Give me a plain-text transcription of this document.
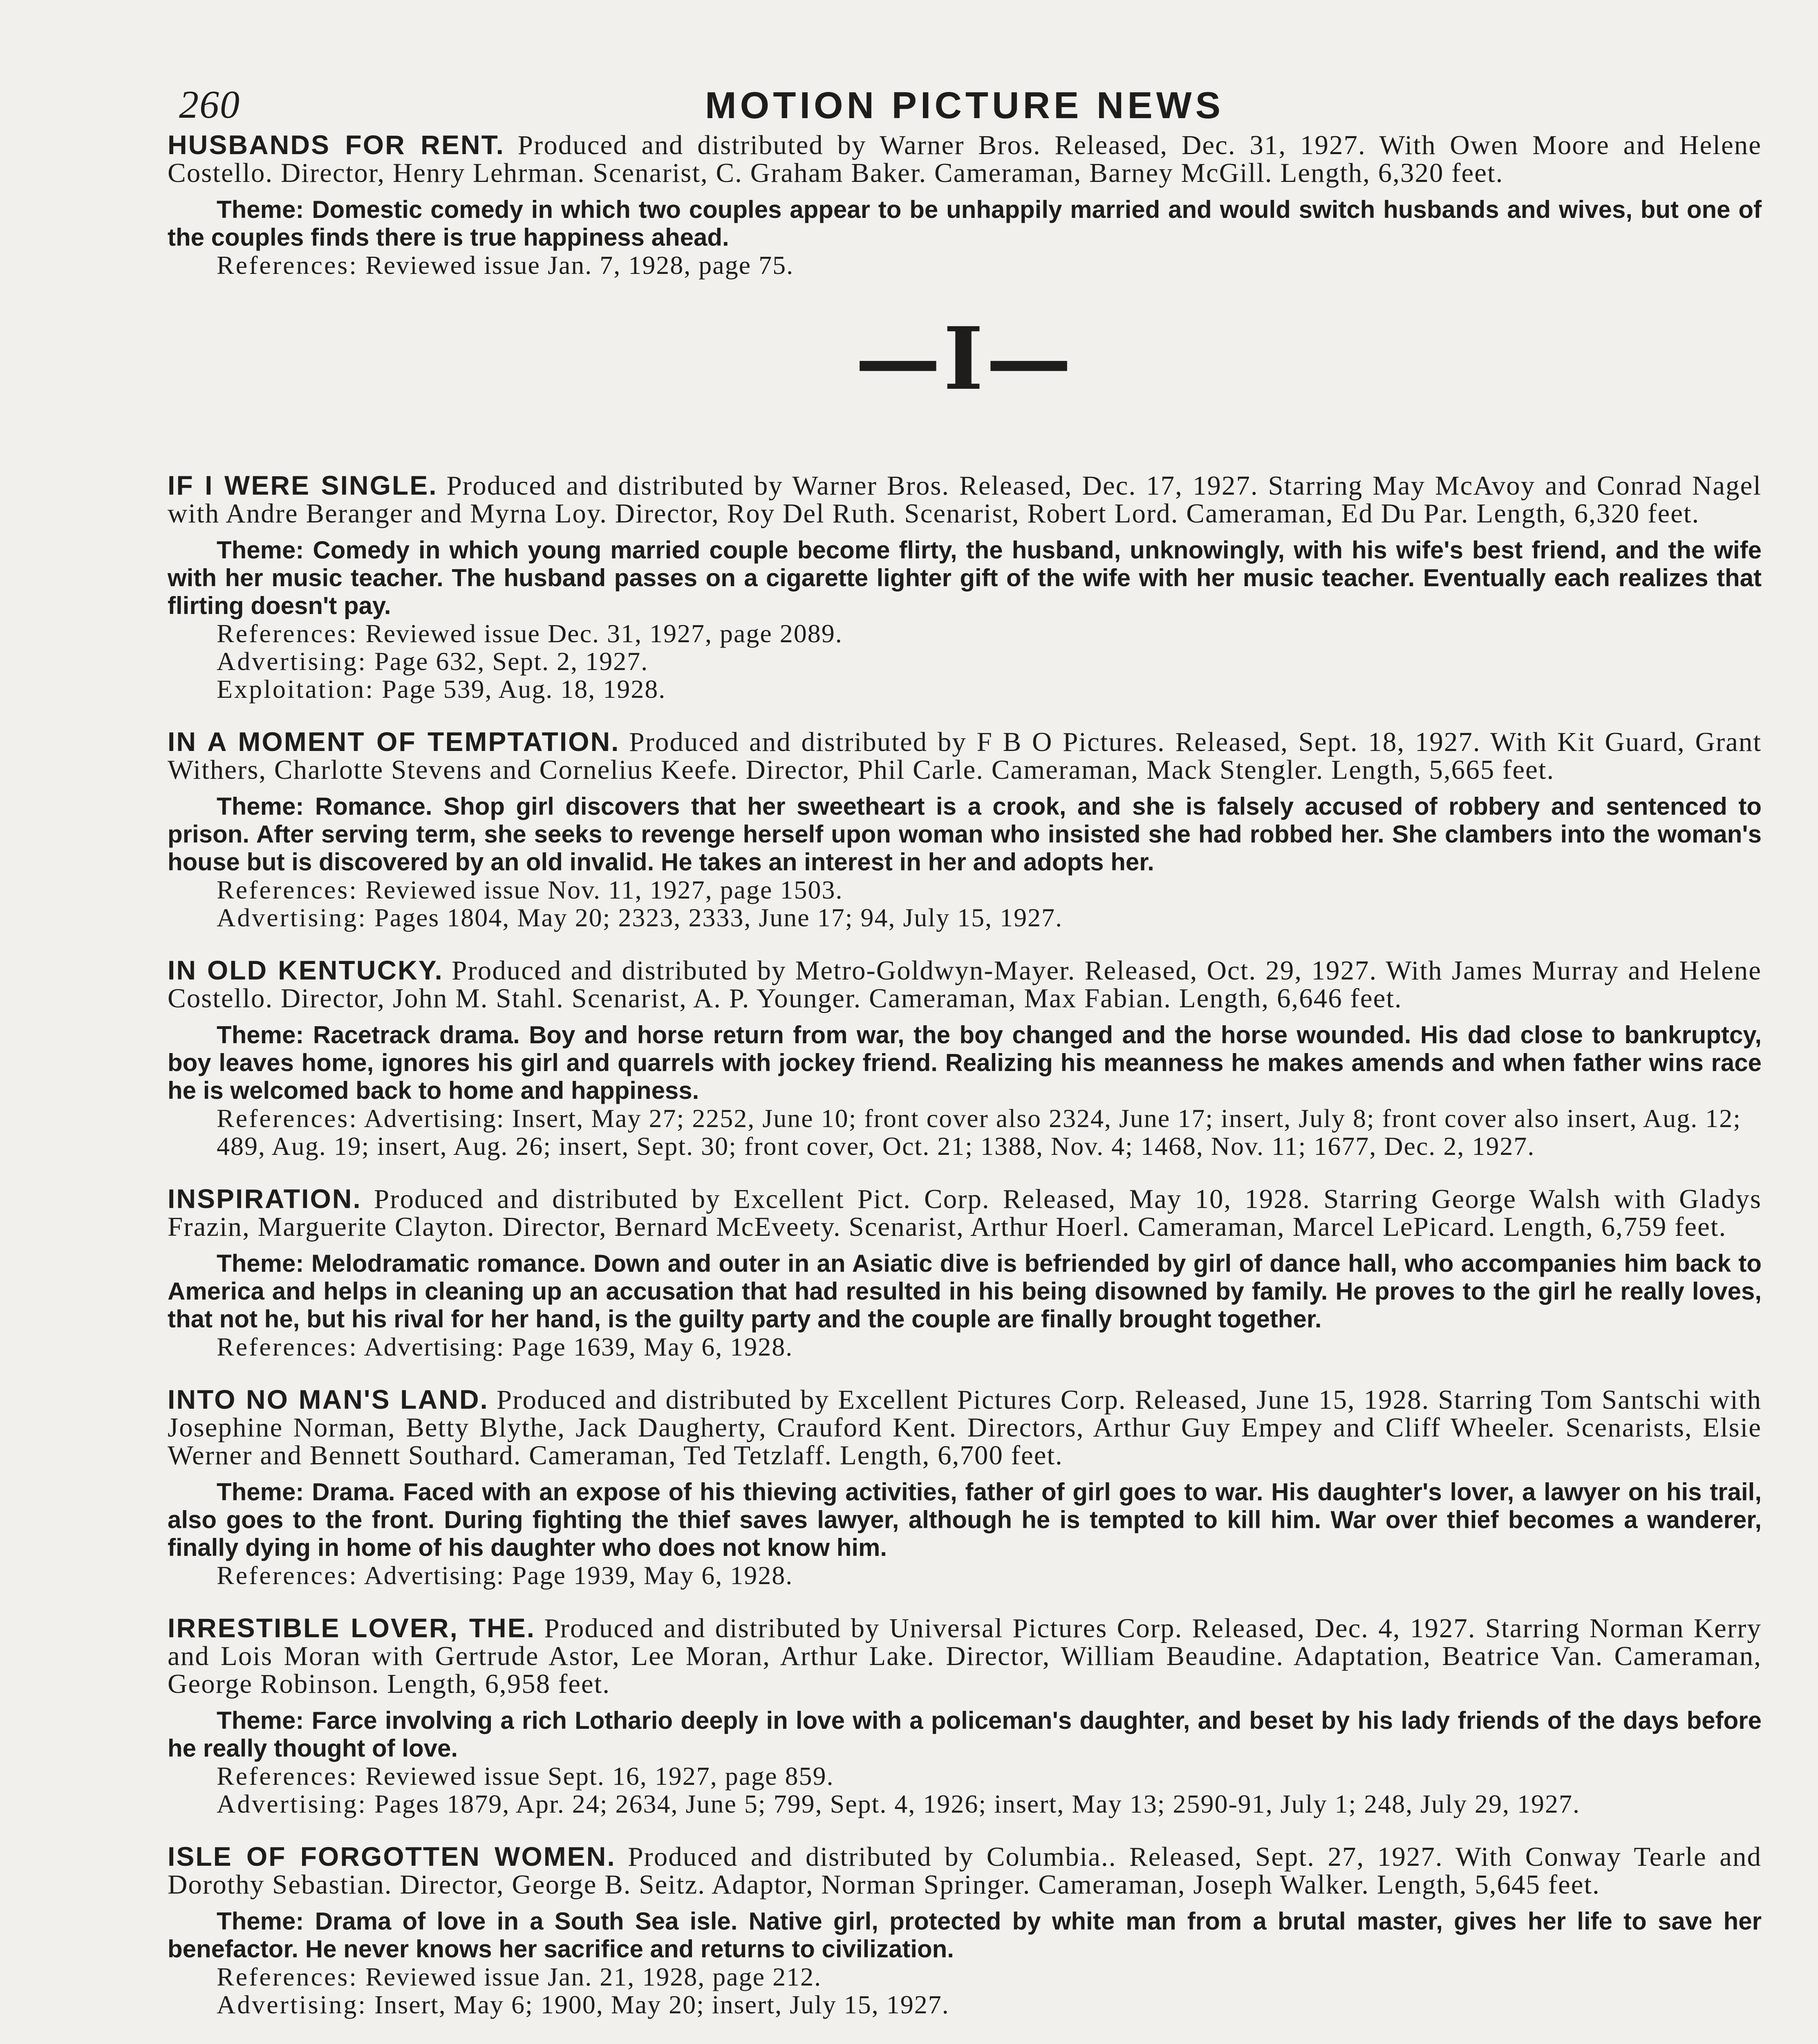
260	MOTION PICTURE NEWS

HUSBANDS FOR RENT. Produced and distributed by Warner Bros. Released, Dec. 31, 1927. With Owen Moore and Helene Costello. Director, Henry Lehrman. Scenarist, C. Graham Baker. Cameraman, Barney McGill. Length, 6,320 feet.

Theme: Domestic comedy in which two couples appear to be unhappily married and would switch husbands and wives, but one of the couples finds there is true happiness ahead.

References: Reviewed issue Jan. 7, 1928, page 75.

—I—

IF I WERE SINGLE. Produced and distributed by Warner Bros. Released, Dec. 17, 1927. Starring May McAvoy and Conrad Nagel with Andre Beranger and Myrna Loy. Director, Roy Del Ruth. Scenarist, Robert Lord. Cameraman, Ed Du Par. Length, 6,320 feet.

Theme: Comedy in which young married couple become flirty, the husband, unknowingly, with his wife's best friend, and the wife with her music teacher. The husband passes on a cigarette lighter gift of the wife with her music teacher. Eventually each realizes that flirting doesn't pay.

References: Reviewed issue Dec. 31, 1927, page 2089.

Advertising: Page 632, Sept. 2, 1927.

Exploitation: Page 539, Aug. 18, 1928.

IN A MOMENT OF TEMPTATION. Produced and distributed by F B O Pictures. Released, Sept. 18, 1927. With Kit Guard, Grant Withers, Charlotte Stevens and Cornelius Keefe. Director, Phil Carle. Cameraman, Mack Stengler. Length, 5,665 feet.

Theme: Romance. Shop girl discovers that her sweetheart is a crook, and she is falsely accused of robbery and sentenced to prison. After serving term, she seeks to revenge herself upon woman who insisted she had robbed her. She clambers into the woman's house but is discovered by an old invalid. He takes an interest in her and adopts her.

References: Reviewed issue Nov. 11, 1927, page 1503.

Advertising: Pages 1804, May 20; 2323, 2333, June 17; 94, July 15, 1927.

IN OLD KENTUCKY. Produced and distributed by Metro-Goldwyn-Mayer. Released, Oct. 29, 1927. With James Murray and Helene Costello. Director, John M. Stahl. Scenarist, A. P. Younger. Cameraman, Max Fabian. Length, 6,646 feet.

Theme: Racetrack drama. Boy and horse return from war, the boy changed and the horse wounded. His dad close to bankruptcy, boy leaves home, ignores his girl and quarrels with jockey friend. Realizing his meanness he makes amends and when father wins race he is welcomed back to home and happiness.

References: Advertising: Insert, May 27; 2252, June 10; front cover also 2324, June 17; insert, July 8; front cover also insert, Aug. 12; 489, Aug. 19; insert, Aug. 26; insert, Sept. 30; front cover, Oct. 21; 1388, Nov. 4; 1468, Nov. 11; 1677, Dec. 2, 1927.

INSPIRATION. Produced and distributed by Excellent Pict. Corp. Released, May 10, 1928. Starring George Walsh with Gladys Frazin, Marguerite Clayton. Director, Bernard McEveety. Scenarist, Arthur Hoerl. Cameraman, Marcel LePicard. Length, 6,759 feet.

Theme: Melodramatic romance. Down and outer in an Asiatic dive is befriended by girl of dance hall, who accompanies him back to America and helps in cleaning up an accusation that had resulted in his being disowned by family. He proves to the girl he really loves, that not he, but his rival for her hand, is the guilty party and the couple are finally brought together.

References: Advertising: Page 1639, May 6, 1928.

INTO NO MAN'S LAND. Produced and distributed by Excellent Pictures Corp. Released, June 15, 1928. Starring Tom Santschi with Josephine Norman, Betty Blythe, Jack Daugherty, Crauford Kent. Directors, Arthur Guy Empey and Cliff Wheeler. Scenarists, Elsie Werner and Bennett Southard. Cameraman, Ted Tetzlaff. Length, 6,700 feet.

Theme: Drama. Faced with an expose of his thieving activities, father of girl goes to war. His daughter's lover, a lawyer on his trail, also goes to the front. During fighting the thief saves lawyer, although he is tempted to kill him. War over thief becomes a wanderer, finally dying in home of his daughter who does not know him.

References: Advertising: Page 1939, May 6, 1928.

IRRESTIBLE LOVER, THE. Produced and distributed by Universal Pictures Corp. Released, Dec. 4, 1927. Starring Norman Kerry and Lois Moran with Gertrude Astor, Lee Moran, Arthur Lake. Director, William Beaudine. Adaptation, Beatrice Van. Cameraman, George Robinson. Length, 6,958 feet.

Theme: Farce involving a rich Lothario deeply in love with a policeman's daughter, and beset by his lady friends of the days before he really thought of love.

References: Reviewed issue Sept. 16, 1927, page 859.

Advertising: Pages 1879, Apr. 24; 2634, June 5; 799, Sept. 4, 1926; insert, May 13; 2590-91, July 1; 248, July 29, 1927.

ISLE OF FORGOTTEN WOMEN. Produced and distributed by Columbia.. Released, Sept. 27, 1927. With Conway Tearle and Dorothy Sebastian. Director, George B. Seitz. Adaptor, Norman Springer. Cameraman, Joseph Walker. Length, 5,645 feet.

Theme: Drama of love in a South Sea isle. Native girl, protected by white man from a brutal master, gives her life to save her benefactor. He never knows her sacrifice and returns to civilization.

References: Reviewed issue Jan. 21, 1928, page 212.

Advertising: Insert, May 6; 1900, May 20; insert, July 15, 1927.
